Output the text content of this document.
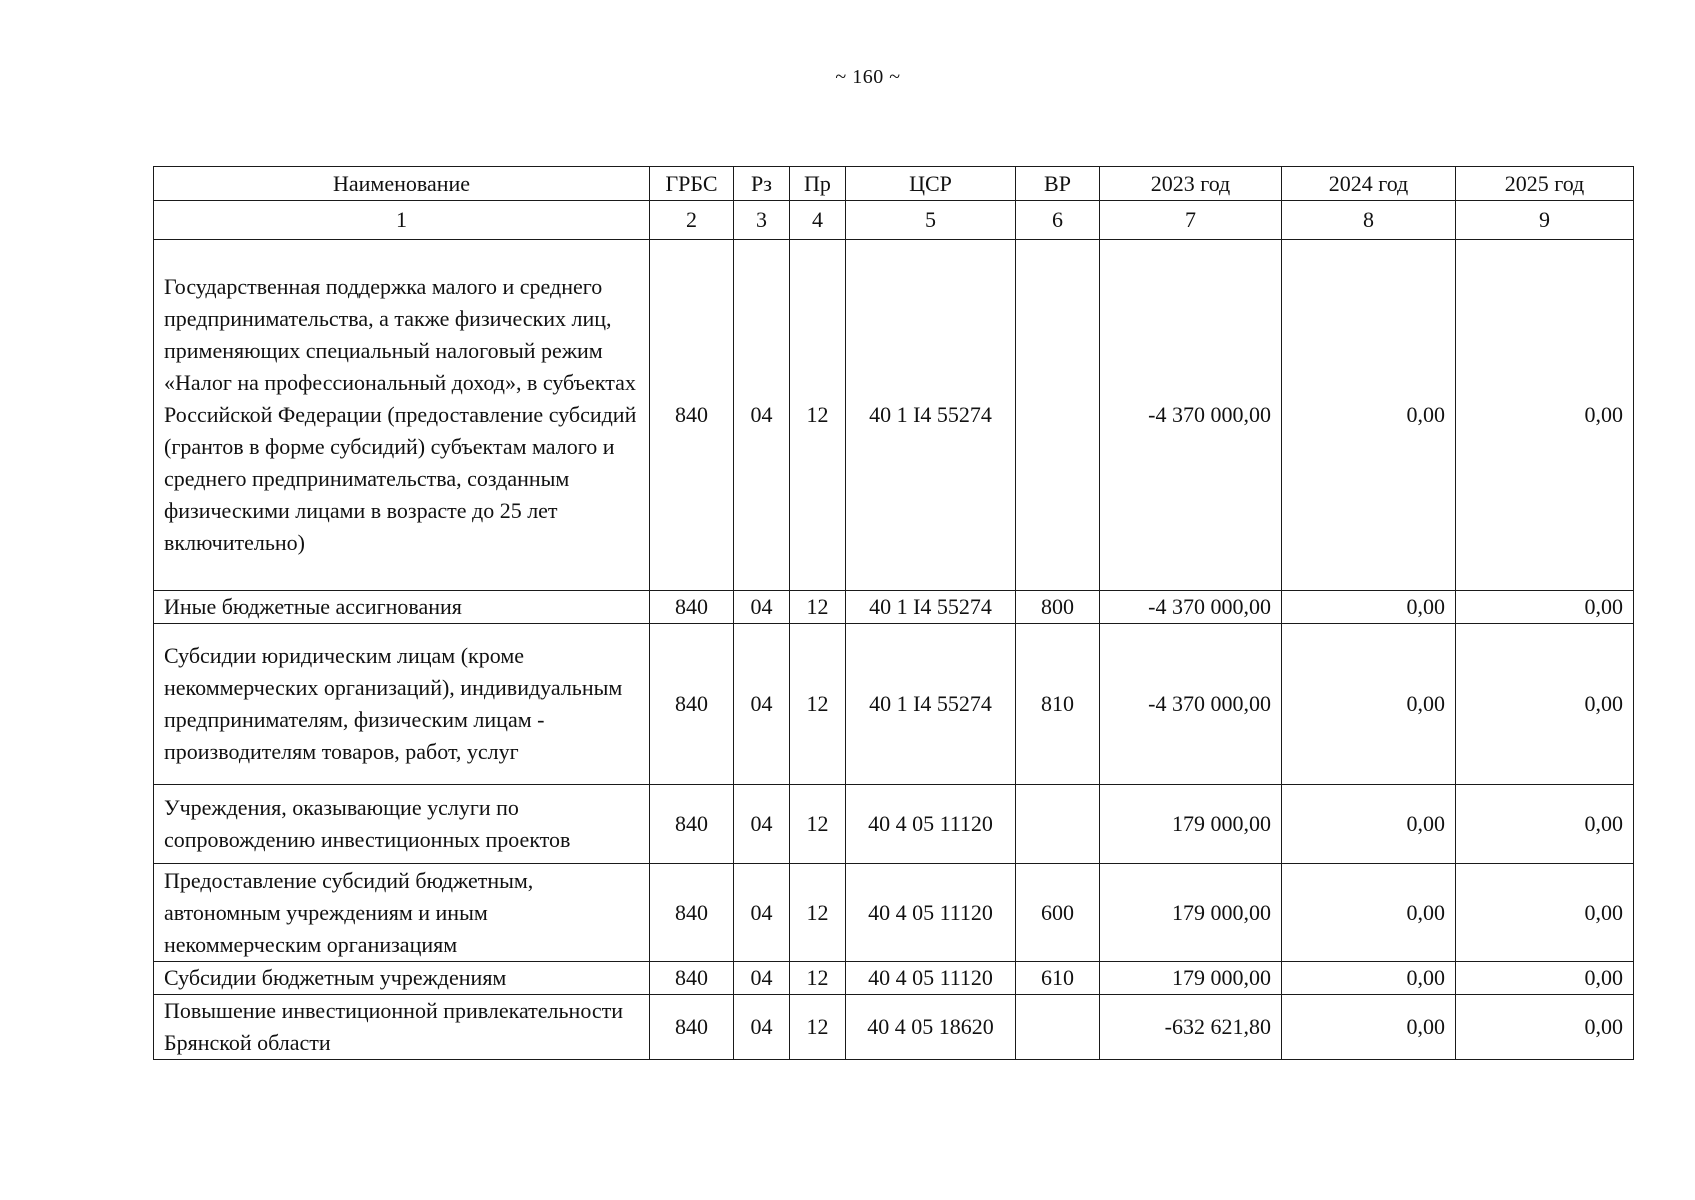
~ 160 ~
Наименование	ГРБС	Рз	Пр	ЦСР	ВР	2023 год	2024 год	2025 год
1	2	3	4	5	6	7	8	9
Государственная поддержка малого и среднего предпринимательства, а также физических лиц, применяющих специальный налоговый режим «Налог на профессиональный доход», в субъектах Российской Федерации (предоставление субсидий (грантов в форме субсидий) субъектам малого и среднего предпринимательства, созданным физическими лицами в возрасте до 25 лет включительно)	840	04	12	40 1 I4 55274		-4 370 000,00	0,00	0,00
Иные бюджетные ассигнования	840	04	12	40 1 I4 55274	800	-4 370 000,00	0,00	0,00
Субсидии юридическим лицам (кроме некоммерческих организаций), индивидуальным предпринимателям, физическим лицам - производителям товаров, работ, услуг	840	04	12	40 1 I4 55274	810	-4 370 000,00	0,00	0,00
Учреждения, оказывающие услуги по сопровождению инвестиционных проектов	840	04	12	40 4 05 11120		179 000,00	0,00	0,00
Предоставление субсидий бюджетным, автономным учреждениям и иным некоммерческим организациям	840	04	12	40 4 05 11120	600	179 000,00	0,00	0,00
Субсидии бюджетным учреждениям	840	04	12	40 4 05 11120	610	179 000,00	0,00	0,00
Повышение инвестиционной привлекательности Брянской области	840	04	12	40 4 05 18620		-632 621,80	0,00	0,00
